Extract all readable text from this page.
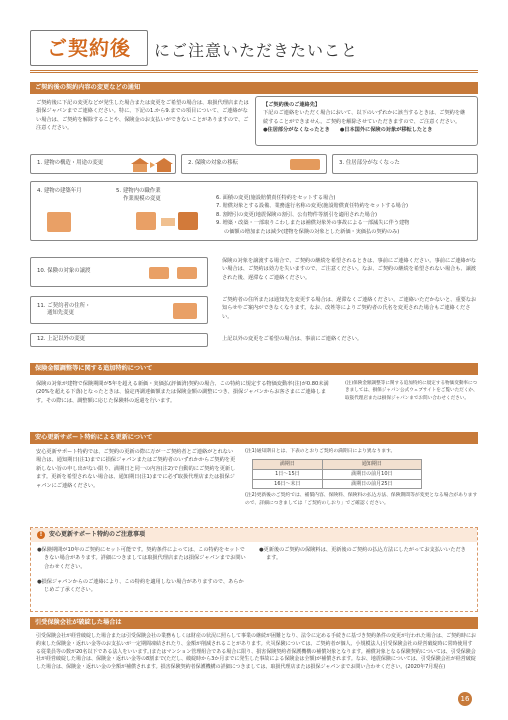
ご契約後 にご注意いただきたいこと
ご契約後の契約内容の変更などの通知
ご契約後に下記の変更などが発生した場合または変更をご希望の場合は、取扱代理店または損保ジャパンまでご連絡ください。特に、下記の1.から9.までの項目について、ご連絡がない場合は、ご契約を解除することや、保険金のお支払いができないことがありますので、ご注意ください。
【ご契約後のご連絡先】
下記のご連絡をいただく場合において、以下のいずれかに該当するときは、ご契約を継続することができません。ご契約を解除させていただきますので、ご注意ください。
●住居部分がなくなったとき ●日本国外に保険の対象が移転したとき
1. 建物の構造・用途の変更	2. 保険の対象の移転	3. 住居部分がなくなった
4. 建物の建築年月	5. 建物内の職作業
作業規模の変更	6. 面積の変更(施設賠償責任特約をセットする場合)
7. 賠償対象とする設備、業務遂行名称の変更(施設賠償責任特約をセットする場合)
8. 割増引の変更(地震保険の割引、公有物件等割引を適用された場合)
9. 増築・改築・一部取りこわしまたは補償対象外の事故による一部滅失に伴う建物
の価額の増加または減少(建物を保険の対象とした新価・実価払の契約のみ)
10. 保険の対象の譲渡
保険の対象を譲渡する場合で、ご契約の継続を希望されるときは、事前にご連絡ください。事前にご連絡がない場合は、ご契約は効力を失いますので、ご注意ください。なお、ご契約の継続を希望されない場合も、譲渡された後、遅滞なくご連絡ください。
11. ご契約者の住所・
通知先変更
ご契約者の住所または通知先を変更する場合は、遅滞なくご連絡ください。ご連絡いただかないと、重要なお知らせやご案内ができなくなります。なお、改姓等によりご契約者の氏名を変更された場合もご連絡ください。
12. 上記以外の変更	上記以外の変更をご希望の場合は、事前にご連絡ください。
保険金額調整等に関する追加特約について
保険の対象が建物で保険期間が5年を超える新価・実価払(評価済)契約の場合、この特約に規定する物価変動率(注)が0.80未満(20%を超える下落)となったときは、協定再調達価額または保険金額の調整につき、損保ジャパンからお客さまにご連絡します。その際には、調整額に応じた保険料の返還を行います。
(注)保険金額調整等に関する追加特約に規定する物価変動率につきましては、損保ジャパン公式ウェブサイトをご覧いただくか、取扱代理店または損保ジャパンまでお問い合わせください。
安心更新サポート特約による更新について
安心更新サポート特約では、ご契約の更新の際に万が一ご契約者とご連絡がとれない場合は、通知期日(注1)までに損保ジャパンまたはご契約者のいずれかからご契約を更新しない旨の申し出がない限り、満期日と同一の内容(注2)で自動的にご契約を更新します。更新を希望されない場合は、通知期日(注1)までに必ず取扱代理店または損保ジャパンにご連絡ください。
(注1)通知期日とは、下表のとおりご契約の満期日により異なります。
満期日	通知期日
1日～15日	満期日の前月10日
16日～末日	満期日の前月25日
(注2)更新後のご契約では、補償内容、保険料、保険料の払込方法、保険期間等が変更となる場合がありますので、詳細につきましては「ご契約のしおり」でご確認ください。
!	安心更新サポート特約のご注意事項
●保険期間が10年のご契約にセット可能です。契約条件によっては、この特約をセットできない場合があります。詳細につきましては取扱代理店または損保ジャパンまでお問い合わせください。
●損保ジャパンからのご連絡により、この特約を適用しない場合がありますので、あらかじめご了承ください。
●更新後のご契約の保険料は、更新後のご契約の払込方法にしたがってお支払いいただきます。
引受保険会社が破綻した場合は
引受保険会社が経営破綻した場合または引受保険会社の業務もしくは財産の状況に照らして事業の継続が困難となり、法令に定める手続きに基づき契約条件の変更が行われた場合は、ご契約時にお約束した保険金・返れい金等のお支払いが一定期間凍結されたり、金額が削減されることがあります。火災保険については、ご契約者が個人、小規模法人(引受保険会社の経営破綻時に常時使用する従業員等の数が20名以下である法人をいいます。)またはマンション管理組合である場合に限り、損害保険契約者保護機構の補償対象となります。補償対象となる保険契約については、引受保険会社が経営破綻した場合は、保険金・返れい金等の8割まで(ただし、破綻時から3か月までに発生した事故による保険金は全額)が補償されます。なお、地震保険については、引受保険会社が経営破綻した場合は、保険金・返れい金の全額が補償されます。損害保険契約者保護機構の詳細につきましては、取扱代理店または損保ジャパンまでお問い合わせください。(2020年7月現在)
16
